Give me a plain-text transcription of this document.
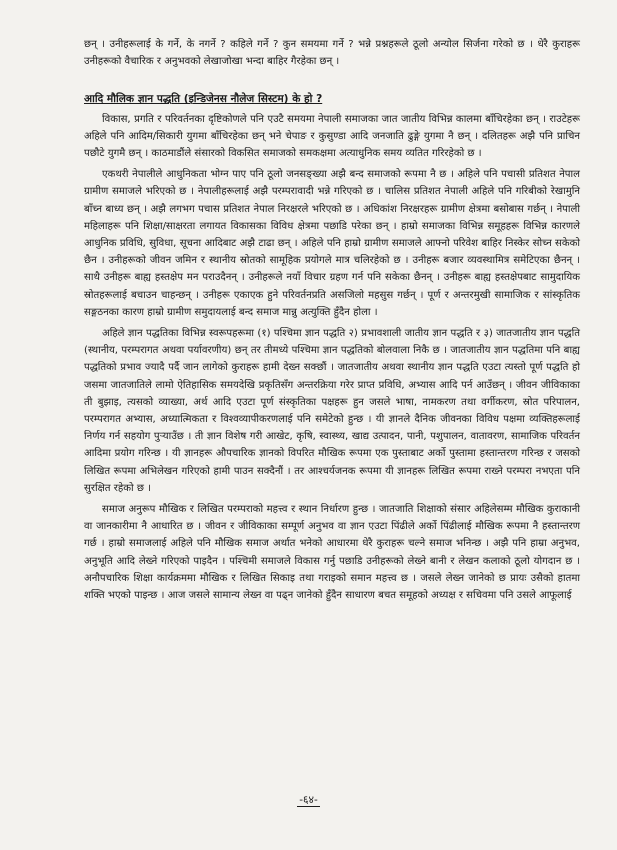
छन् । उनीहरूलाई के गर्ने, के नगर्ने ? कहिले गर्ने ? कुन समयमा गर्ने ? भन्ने प्रश्नहरूले ठूलो अन्योल सिर्जना गरेको छ । धेरै कुराहरू उनीहरूको वैचारिक र अनुभवको लेखाजोखा भन्दा बाहिर गैरहेका छन् ।

आदि मौलिक ज्ञान पद्धति (इन्डिजेनस नौलेज सिस्टम) के हो ?

विकास, प्रगति र परिवर्तनका दृष्टिकोणले पनि एउटै समयमा नेपाली समाजका जात जातीय विभिन्न कालमा बाँचिरहेका छन् । राउटेहरू अहिले पनि आदिम/सिकारी युगमा बाँचिरहेका छन् भने चेपाङ र कुसुण्डा आदि जनजाति ढुङ्गे युगमा नै छन् । दलितहरू अझै पनि प्राचिन पछौटे युगमै छन् । काठमाडौंले संसारको विकसित समाजको समकक्षमा अत्याधुनिक समय व्यतित गरिरहेको छ ।

एकथरी नेपालीले आधुनिकता भोग्न पाए पनि ठूलो जनसङ्ख्या अझै बन्द समाजको रूपमा नै छ । अहिले पनि पचासी प्रतिशत नेपाल ग्रामीण समाजले भरिएको छ । नेपालीहरूलाई अझै परम्परावादी भन्ने गरिएको छ । चालिस प्रतिशत नेपाली अहिले पनि गरिबीको रेखामुनि बाँच्न बाध्य छन् । अझै लगभग पचास प्रतिशत नेपाल निरक्षरले भरिएको छ । अधिकांश निरक्षरहरू ग्रामीण क्षेत्रमा बसोबास गर्छन् । नेपाली महिलाहरू पनि शिक्षा/साक्षरता लगायत विकासका विविध क्षेत्रमा पछाडि परेका छन् । हाम्रो समाजका विभिन्न समूहहरू विभिन्न कारणले आधुनिक प्रविधि, सुविधा, सूचना आदिबाट अझै टाढा छन् । अहिले पनि हाम्रो ग्रामीण समाजले आफ्नो परिवेश बाहिर निस्केर सोच्न सकेको छैन । उनीहरूको जीवन जमिन र स्थानीय स्रोतको सामूहिक प्रयोगले मात्र चलिरहेको छ । उनीहरू बजार व्यवस्थामित्र समेटिएका छैनन् । साथै उनीहरू बाह्य हस्तक्षेप मन पराउदैनन् । उनीहरूले नयाँ विचार ग्रहण गर्न पनि सकेका छैनन् । उनीहरू बाह्य हस्तक्षेपबाट सामुदायिक स्रोतहरूलाई बचाउन चाहन्छन् । उनीहरू एकाएक हुने परिवर्तनप्रति असजिलो महसुस गर्छन् । पूर्ण र अन्तरमुखी सामाजिक र सांस्कृतिक सङ्गठनका कारण हाम्रो ग्रामीण समुदायलाई बन्द समाज मान्नु अत्युक्ति हुँदैन होला ।

अहिले ज्ञान पद्धतिका विभिन्न स्वरूपहरूमा (१) पश्चिमा ज्ञान पद्धति २) प्रभावशाली जातीय ज्ञान पद्धति र ३) जातजातीय ज्ञान पद्धति (स्थानीय, परम्परागत अथवा पर्यावरणीय) छन् तर तीमध्ये पश्चिमा ज्ञान पद्धतिको बोलवाला निकै छ । जातजातीय ज्ञान पद्धतिमा पनि बाह्य पद्धतिको प्रभाव ज्यादै पर्दै जान लागेको कुराहरू हामी देख्न सक्छौं । जातजातीय अथवा स्थानीय ज्ञान पद्धति एउटा त्यस्तो पूर्ण पद्धति हो जसमा जातजातिले लामो ऐतिहासिक समयदेखि प्रकृतिसँग अन्तरक्रिया गरेर प्राप्त प्रविधि, अभ्यास आदि पर्न आउँछन् । जीवन जीविकाका ती बुझाइ, त्यसको व्याख्या, अर्थ आदि एउटा पूर्ण संस्कृतिका पक्षहरू हुन जसले भाषा, नामकरण तथा वर्गीकरण, स्रोत परिपालन, परम्परागत अभ्यास, अध्यात्मिकता र विश्वव्यापीकरणलाई पनि समेटेको हुन्छ । यी ज्ञानले दैनिक जीवनका विविध पक्षमा व्यक्तिहरूलाई निर्णय गर्न सहयोग पुऱ्याउँछ । ती ज्ञान विशेष गरी आखेट, कृषि, स्वास्थ्य, खाद्य उत्पादन, पानी, पशुपालन, वातावरण, सामाजिक परिवर्तन आदिमा प्रयोग गरिन्छ । यी ज्ञानहरू औपचारिक ज्ञानको विपरित मौखिक रूपमा एक पुस्ताबाट अर्को पुस्तामा हस्तान्तरण गरिन्छ र जसको लिखित रूपमा अभिलेखन गरिएको हामी पाउन सक्दैनौं । तर आश्चर्यजनक रूपमा यी ज्ञानहरू लिखित रूपमा राख्ने परम्परा नभएता पनि सुरक्षित रहेको छ ।

समाज अनुरूप मौखिक र लिखित परम्पराको महत्त्व र स्थान निर्धारण हुन्छ । जातजाति शिक्षाको संसार अहिलेसम्म मौखिक कुराकानी वा जानकारीमा नै आधारित छ । जीवन र जीविकाका सम्पूर्ण अनुभव वा ज्ञान एउटा पिंढीले अर्को पिंढीलाई मौखिक रूपमा नै हस्तान्तरण गर्छ । हाम्रो समाजलाई अहिले पनि मौखिक समाज अर्थात भनेको आधारमा धेरै कुराहरू चल्ने समाज भनिन्छ । अझै पनि हाम्रा अनुभव, अनुभूति आदि लेख्ने गरिएको पाइदैन । पश्चिमी समाजले विकास गर्नु पछाडि उनीहरूको लेख्ने बानी र लेखन कलाको ठूलो योगदान छ । अनौपचारिक शिक्षा कार्यक्रममा मौखिक र लिखित सिकाइ तथा गराइको समान महत्त्व छ । जसले लेख्न जानेको छ प्रायः उसैको हातमा शक्ति भएको पाइन्छ । आज जसले सामान्य लेख्न वा पढ्न जानेको हुँदैन साधारण बचत समूहको अध्यक्ष र सचिवमा पनि उसले आफूलाई

-६४-
